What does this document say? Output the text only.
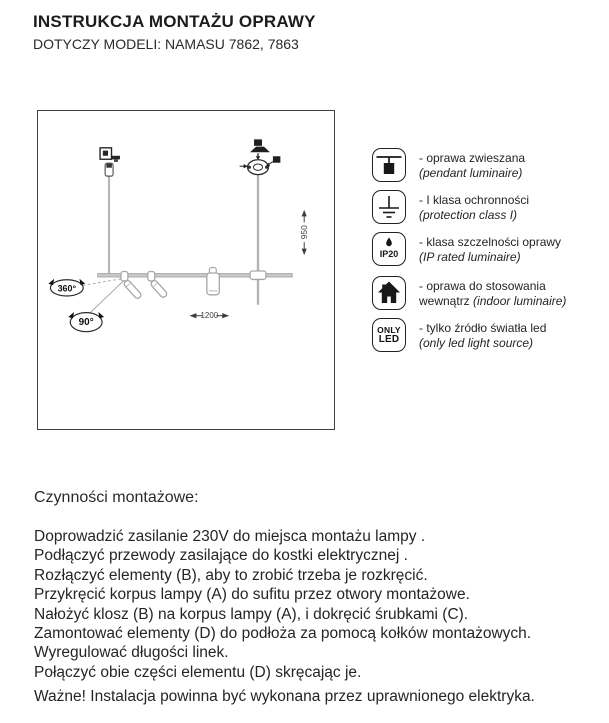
INSTRUKCJA MONTAŻU OPRAWY
DOTYCZY MODELI: NAMASU 7862, 7863
950
1200
360°
90°
- oprawa zwieszana
(pendant luminaire)
- I klasa ochronności
(protection class I)
IP20
- klasa szczelności oprawy
(IP rated luminaire)
- oprawa do stosowania
wewnątrz (indoor luminaire)
ONLY
LED
- tylko źródło światła led
(only led light source)
Czynności montażowe:
Doprowadzić zasilanie 230V do miejsca montażu lampy .
Podłączyć przewody zasilające do kostki elektrycznej .
Rozłączyć elementy (B), aby to zrobić trzeba je rozkręcić.
Przykręcić korpus lampy (A) do sufitu przez otwory montażowe.
Nałożyć klosz (B) na korpus lampy (A), i dokręcić śrubkami (C).
Zamontować elementy (D) do podłoża za pomocą kołków montażowych.
Wyregulować długości linek.
Połączyć obie części elementu (D) skręcając je.
Ważne! Instalacja powinna być wykonana przez uprawnionego elektryka.
